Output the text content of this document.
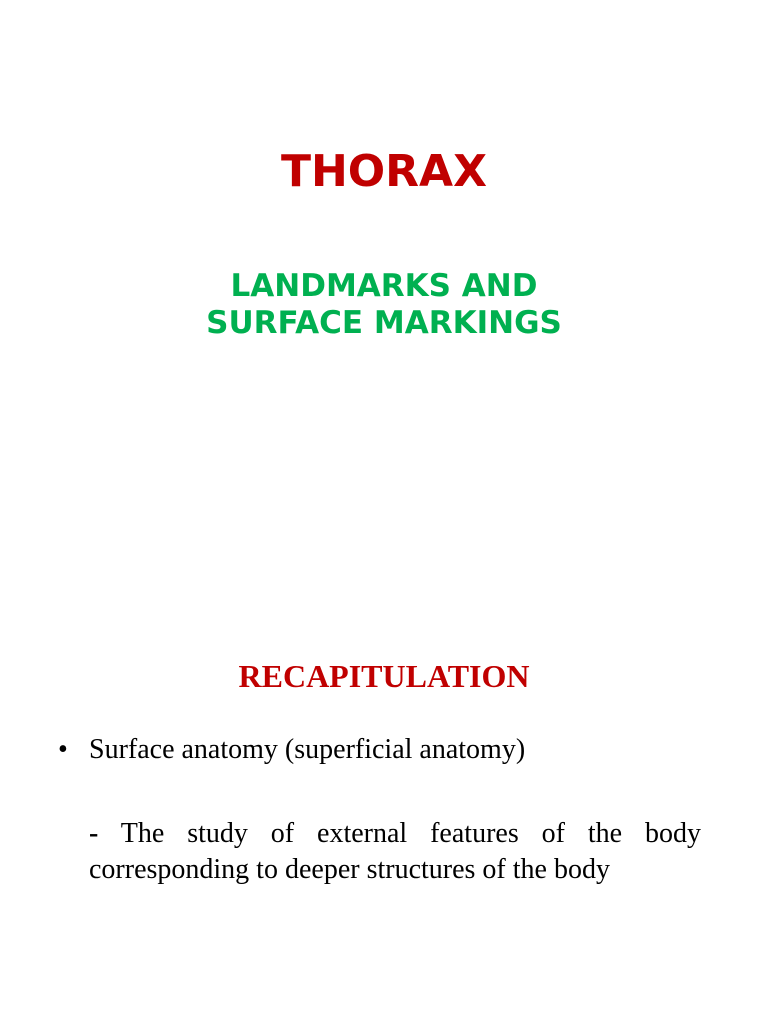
THORAX
LANDMARKS AND
SURFACE MARKINGS
RECAPITULATION
• Surface anatomy (superficial anatomy)

- The study of external features of the body corresponding to deeper structures of the body
